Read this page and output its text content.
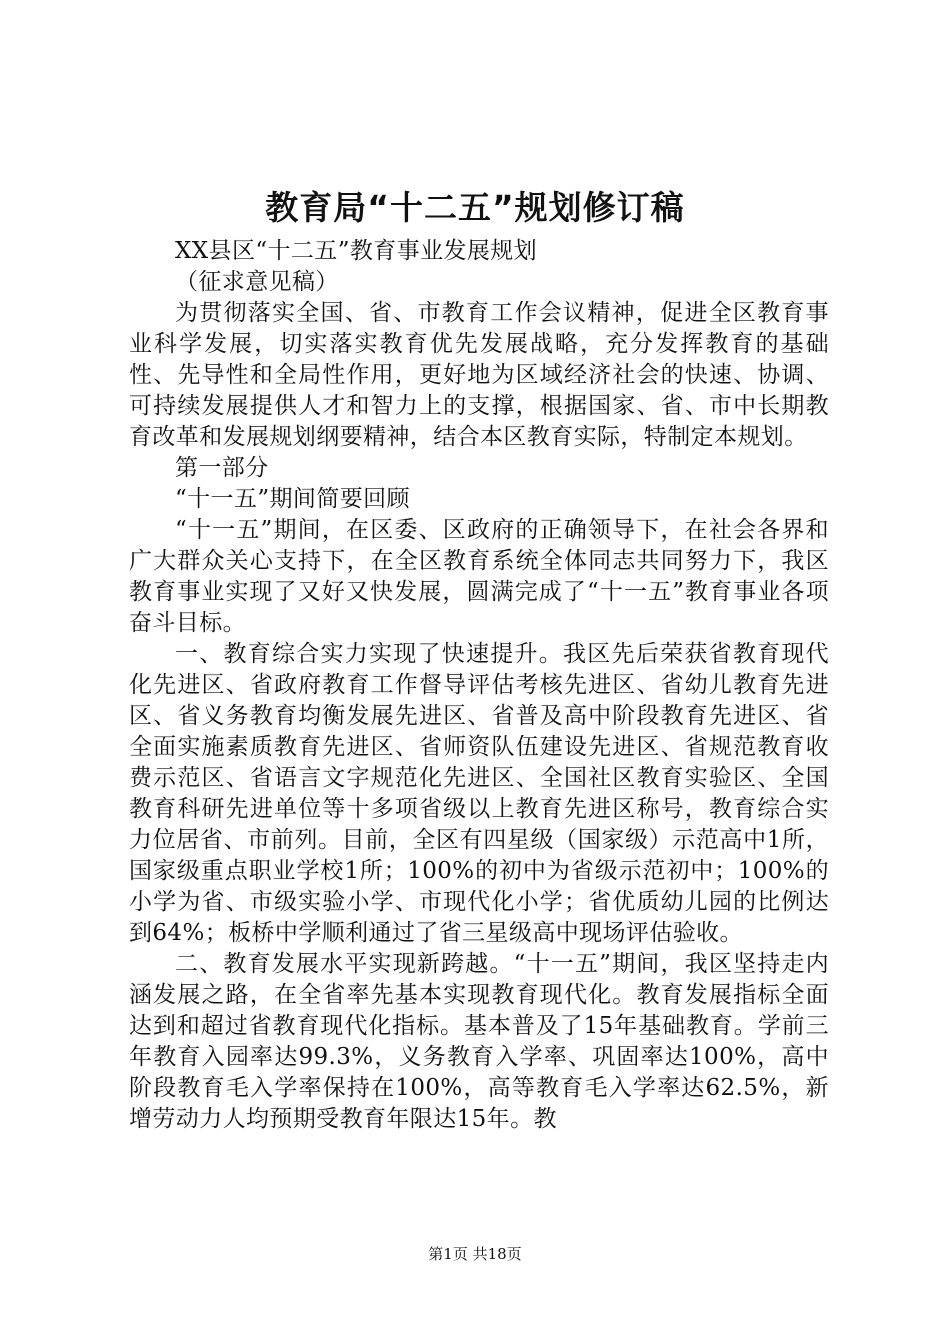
教育局“十二五”规划修订稿

XX县区“十二五”教育事业发展规划

（征求意见稿）

为贯彻落实全国、省、市教育工作会议精神，促进全区教育事业科学发展，切实落实教育优先发展战略，充分发挥教育的基础性、先导性和全局性作用，更好地为区域经济社会的快速、协调、可持续发展提供人才和智力上的支撑，根据国家、省、市中长期教育改革和发展规划纲要精神，结合本区教育实际，特制定本规划。

第一部分

“十一五”期间简要回顾

“十一五”期间，在区委、区政府的正确领导下，在社会各界和广大群众关心支持下，在全区教育系统全体同志共同努力下，我区教育事业实现了又好又快发展，圆满完成了“十一五”教育事业各项奋斗目标。

一、教育综合实力实现了快速提升。我区先后荣获省教育现代化先进区、省政府教育工作督导评估考核先进区、省幼儿教育先进区、省义务教育均衡发展先进区、省普及高中阶段教育先进区、省全面实施素质教育先进区、省师资队伍建设先进区、省规范教育收费示范区、省语言文字规范化先进区、全国社区教育实验区、全国教育科研先进单位等十多项省级以上教育先进区称号，教育综合实力位居省、市前列。目前，全区有四星级（国家级）示范高中1所，国家级重点职业学校1所；100%的初中为省级示范初中；100%的小学为省、市级实验小学、市现代化小学；省优质幼儿园的比例达到64%；板桥中学顺利通过了省三星级高中现场评估验收。

二、教育发展水平实现新跨越。“十一五”期间，我区坚持走内涵发展之路，在全省率先基本实现教育现代化。教育发展指标全面达到和超过省教育现代化指标。基本普及了15年基础教育。学前三年教育入园率达99.3%，义务教育入学率、巩固率达100%，高中阶段教育毛入学率保持在100%，高等教育毛入学率达62.5%，新增劳动力人均预期受教育年限达15年。教

第1页 共18页
